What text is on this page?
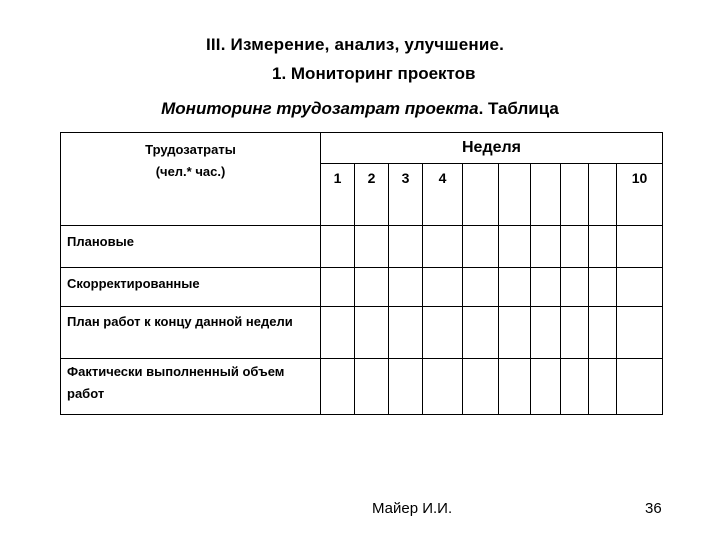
III. Измерение, анализ, улучшение.
1. Мониторинг проектов
Мониторинг трудозатрат проекта. Таблица
Трудозатраты
(чел.* час.)	Неделя									
	1	2	3	4						10
Плановые										
Скорректированные										
План работ к концу данной недели										
Фактически выполненный объем работ										
Майер И.И.	36
